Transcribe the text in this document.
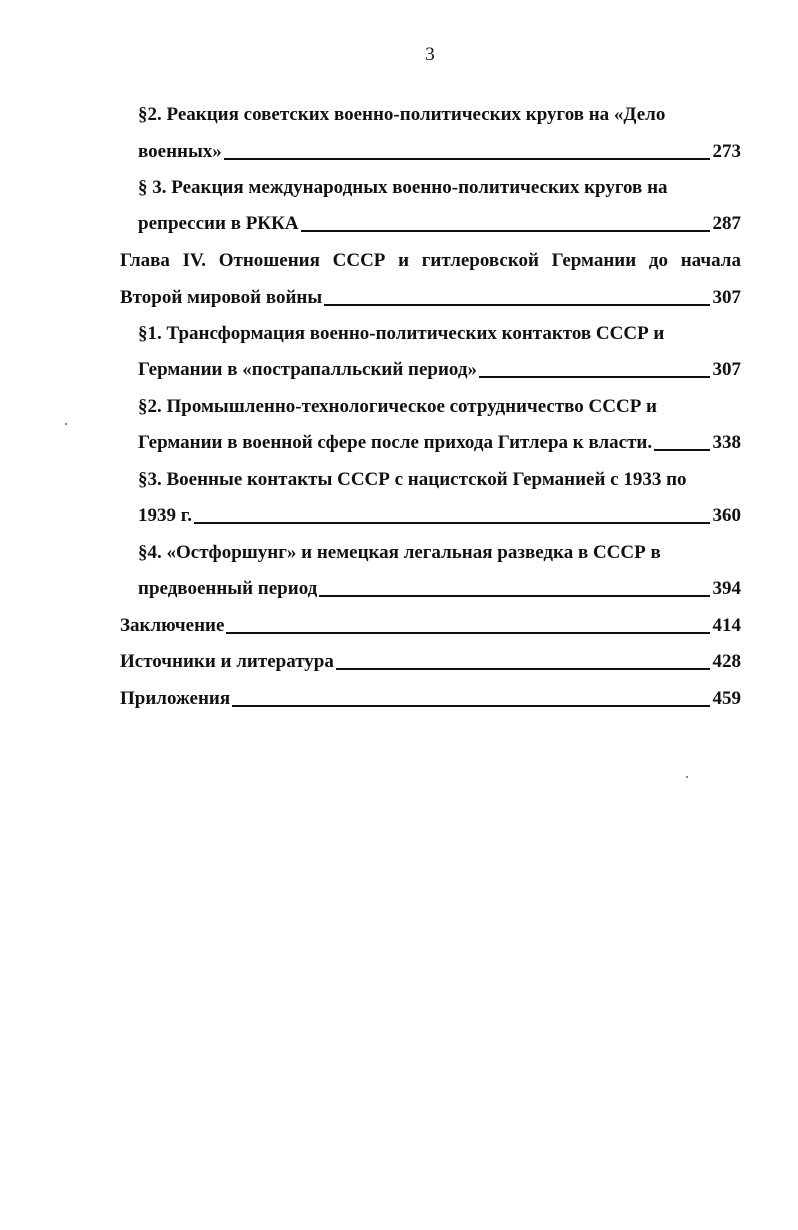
3
§2. Реакция советских военно-политических кругов на «Дело
военных»	273
§ 3. Реакция международных военно-политических кругов на
репрессии в РККА	287
Глава IV. Отношения СССР и гитлеровской Германии до начала
Второй мировой войны	307
§1. Трансформация военно-политических контактов СССР и
Германии в «пострапалльский период»	307
§2. Промышленно-технологическое сотрудничество СССР и
Германии в военной сфере после прихода Гитлера к власти.	338
§3. Военные контакты СССР с нацистской Германией с 1933 по
1939 г.	360
§4. «Остфоршунг» и немецкая легальная разведка в СССР в
предвоенный период	394
Заключение	414
Источники и литература	428
Приложения	459
